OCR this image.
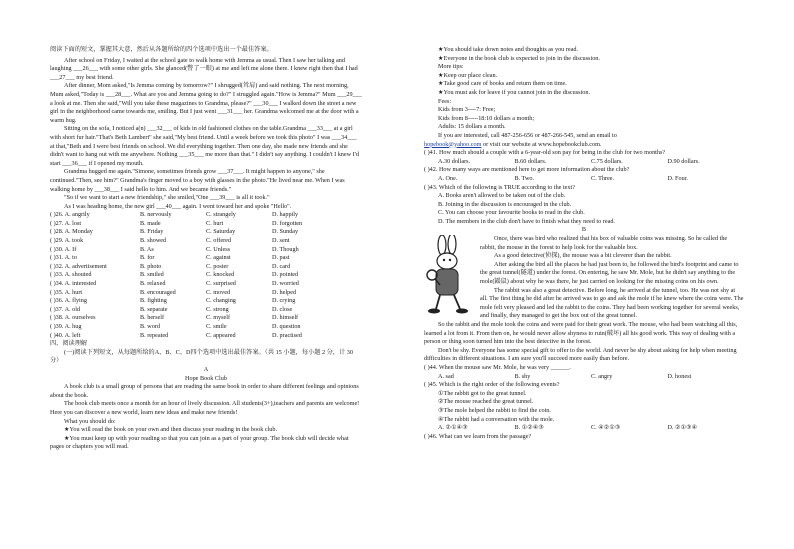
阅读下面的短文，掌握其大意，然后从各题所给的四个选项中选出一个最佳答案。

After school on Friday, I waited at the school gate to walk home with Jemma as usual. Then I saw her talking and laughing ___26___ with some other girls. She glanced(瞥了一眼) at me and left me alone there. I knew right then that I had ___27___ my best friend.

After dinner, Mom asked,"Is Jemma coming by tomorrow?" I shrugged(耸肩) and said nothing. The next morning, Mum asked,"Today is ___28___. What are you and Jemma going to do?" I struggled again."How is Jemma?" Mum ___29___ a look at me. Then she said,"Will you take these magazines to Grandma, please?" ___30___ I walked down the street a new girl in the neighborhood came towards me, smiling. But I just went ___31___ her. Grandma welcomed me at the door with a warm hug.

Sitting on the sofa, I noticed a(n) ___32___ of kids in old fashioned clothes on the table.Grandma ___33___ at a girl with short fur hair."That's Beth Lambert" she said,"My best friend. Until a week before we took this photo" I was ___34___ at that,"Beth and I were best friends on school. We did everything together. Then one day, she made new friends and she didn't want to hang out with me anywhere. Nothing ___35___ me more than that." I didn't say anything. I couldn't I knew I'd start ___36___ if I opened my mouth.

Grandma hugged me again."Simone, sometimes friends grow ___37___. It might happen to anyone," she continued."Then, see him?" Grandma's finger moved to a boy with glasses in the photo."He lived near me. When I was walking home by ___38___ I said hello to him. And we became friends."

"So if we want to start a new friendship," she smiled,"One ___39___ is all it took."

As I was heading home, the new girl ___40___ again. I went toward her and spoke "Hello".

( )26. A. angrily	B. nervously	C. strangely	D. happily
( )27. A. lost	B. made	C. hurt	D. forgotten
( )28. A. Monday	B. Friday	C. Saturday	D. Sunday
( )29. A. took	B. showed	C. offered	D. sent
( )30. A. If	B. As	C. Unless	D. Though
( )31. A. to	B. for	C. against	D. past
( )32. A. advertisement	B. photo	C. poster	D. card
( )33. A. shouted	B. smiled	C. knocked	D. pointed
( )34. A. interested	B. relaxed	C. surprised	D. worried
( )35. A. hurt	B. encouraged	C. moved	D. helped
( )36. A. flying	B. fighting	C. changing	D. crying
( )37. A. old	B. separate	C. strong	D. close
( )38. A. ourselves	B. herself	C. myself	D. himself
( )39. A. hug	B. word	C. smile	D. question
( )40. A. left	B. repeated	C. appeared	D. practised

四、阅读理解

(一)阅读下列短文，从每题所给的A、B、C、D四个选项中选出最佳答案。（共 15 小题，每小题 2 分，计 30 分）

A

Hope Book Club

A book club is a small group of persons that are reading the same book in order to share different feelings and opinions about the book.

The book club meets once a month for an hour of lively discussion. All students(3+),teachers and parents are welcome! Here you can discover a new world, learn new ideas and make new friends!

What you should do:

★You will read the book on your own and then discuss your reading in the book club.

★You must keep up with your reading so that you can join as a part of your group. The book club will decide what pages or chapters you will read.

★You should take down notes and thoughts as you read.

★Everyone in the book club is expected to join in the discussion.

More tips:

★Keep our place clean.

★Take good care of books and return them on time.

★You must ask for leave if you cannot join in the discussion.

Fees:

Kids from 3----7: Free;

Kids from 8-----18:10 dollars a month;

Adults: 15 dollars a month.

If you are interested, call 487-256-656 or 487-266-545, send an email to

hopebook@yahoo.com or visit our website at www.hopebookclub.com.

( )41. How much should a couple with a 6-year-old son pay for being in the club for two months?

A.30 dollars.	B.60 dollars.	C.75 dollars.	D.90 dollars.

( )42. How many ways are mentioned here to get more information about the club?

A. One.	B. Two.	C. Three.	D. Four.

( )43. Which of the following is TRUE according to the text?

A. Books aren't allowed to be taken out of the club.

B. Joining in the discussion is encouraged in the club.

C. You can choose your favourite books to read in the club.

D. The members in the club don't have to finish what they need to read.

B

Once, there was bird who realized that his box of valuable coins was missing. So he called the rabbit, the mouse in the forest to help look for the valuable box.

As a good detective(侦探), the mouse was a bit cleverer than the rabbit.

After asking the bird all the places he had just been to, he followed the bird's footprint and came to the great tunnel(隧道) under the forest. On entering, he saw Mr. Mole, but he didn't say anything to the mole(鼹鼠) about why he was there, he just carried on looking for the missing coins on his own.

The rabbit was also a great detective. Before long, he arrived at the tunnel, too. He was not shy at all. The first thing he did after he arrived was to go and ask the mole if he knew where the coins were. The mole felt very pleased and led the rabbit to the coins. They had been working together for several weeks, and finally, they managed to get the box out of the great tunnel.

So the rabbit and the mole took the coins and were paid for their great work. The mouse, who had been watching all this, learned a lot from it. From then on, he would never allow shyness to ruin(破坏) all his good work. This way of dealing with a person or thing soon turned him into the best detective in the forest.

Don't be shy. Everyone has some special gift to offer to the world. And never be shy about asking for help when meeting difficulties in different situations. I am sure you'll succeed more easily than before.

( )44. When the mouse saw Mr. Mole, he was very ______.

A. sad	B. shy	C. angry	D. honest

( )45. Which is the right order of the following events?

①The rabbit got to the great tunnel.

②The mouse reached the great tunnel.

③The mole helped the rabbit to find the coin.

④The rabbit had a conversation with the mole.

A. ②①④③	B. ①②④③	C. ④②①③	D. ②①③④

( )46. What can we learn from the passage?
